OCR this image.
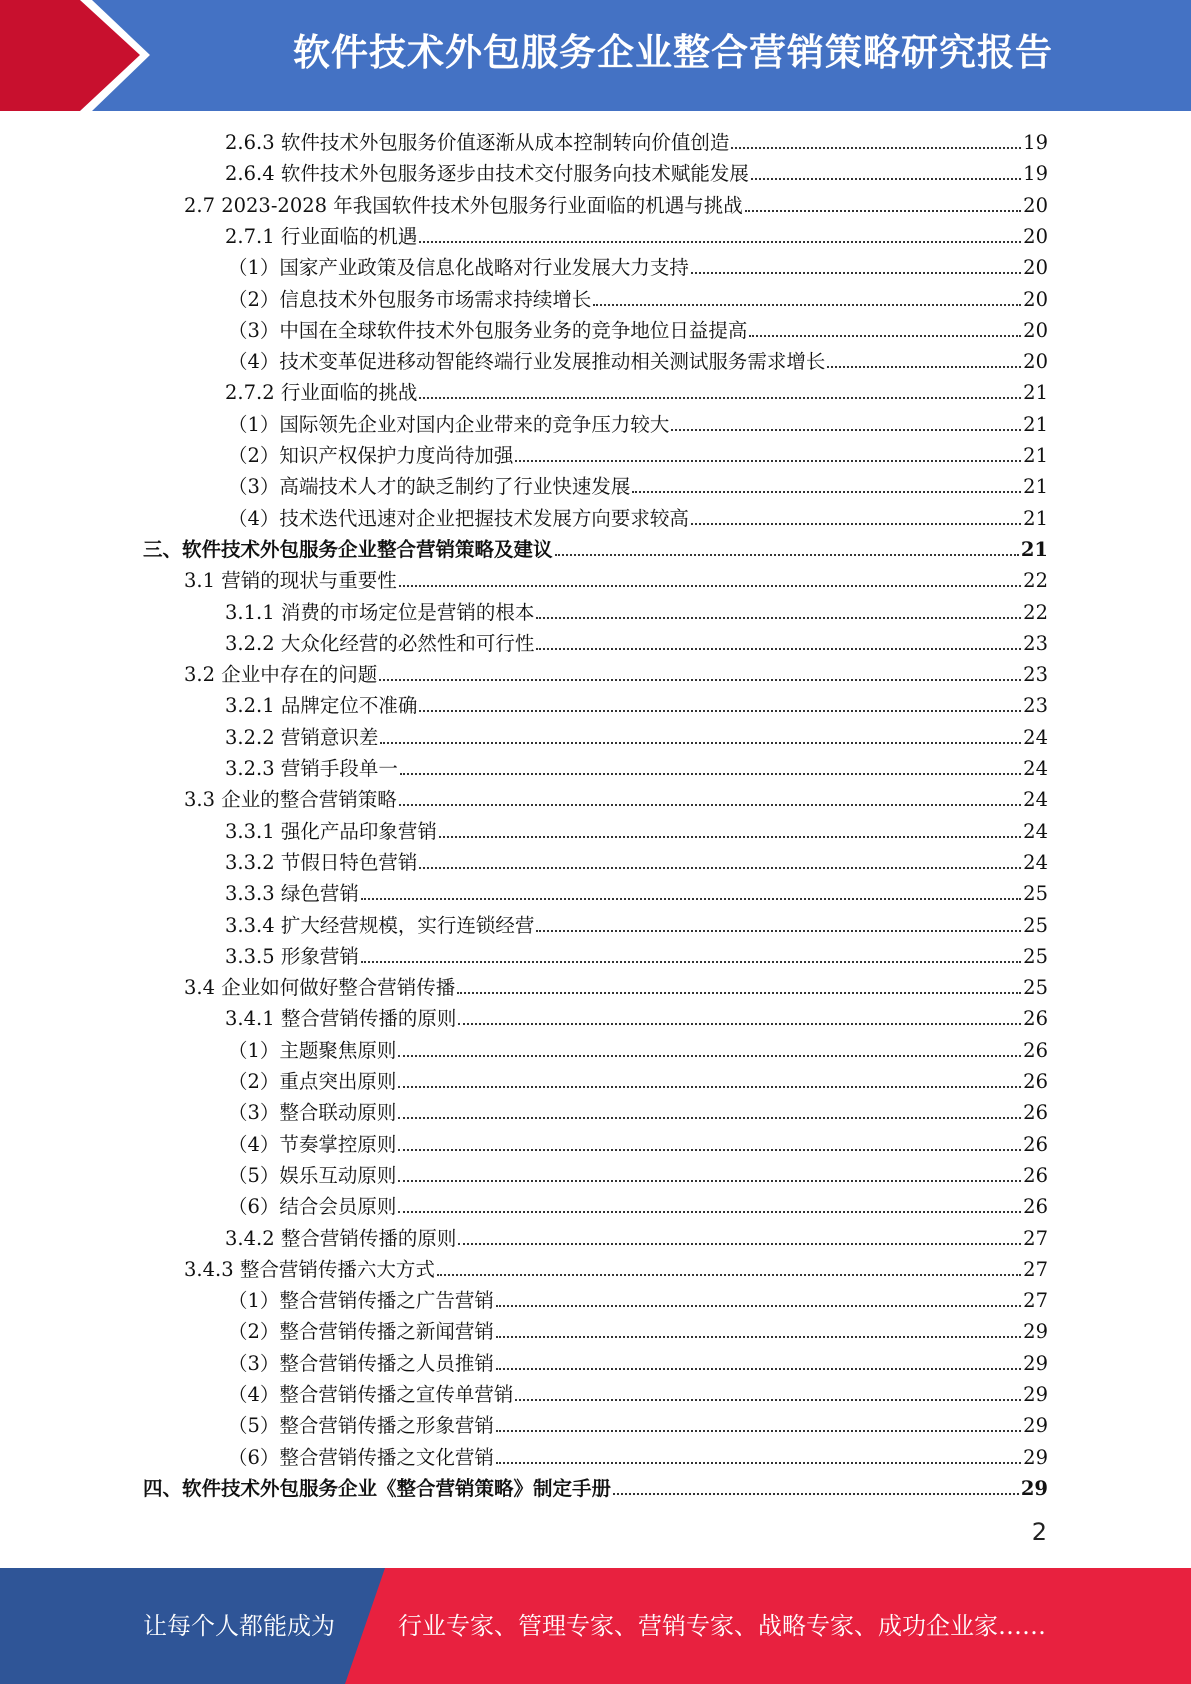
软件技术外包服务企业整合营销策略研究报告
2.6.3 软件技术外包服务价值逐渐从成本控制转向价值创造	19
2.6.4 软件技术外包服务逐步由技术交付服务向技术赋能发展	19
2.7 2023-2028 年我国软件技术外包服务行业面临的机遇与挑战	20
2.7.1 行业面临的机遇	20
（1）国家产业政策及信息化战略对行业发展大力支持	20
（2）信息技术外包服务市场需求持续增长	20
（3）中国在全球软件技术外包服务业务的竞争地位日益提高	20
（4）技术变革促进移动智能终端行业发展推动相关测试服务需求增长	20
2.7.2 行业面临的挑战	21
（1）国际领先企业对国内企业带来的竞争压力较大	21
（2）知识产权保护力度尚待加强	21
（3）高端技术人才的缺乏制约了行业快速发展	21
（4）技术迭代迅速对企业把握技术发展方向要求较高	21
三、软件技术外包服务企业整合营销策略及建议	21
3.1 营销的现状与重要性	22
3.1.1 消费的市场定位是营销的根本	22
3.2.2 大众化经营的必然性和可行性	23
3.2 企业中存在的问题	23
3.2.1 品牌定位不准确	23
3.2.2 营销意识差	24
3.2.3 营销手段单一	24
3.3 企业的整合营销策略	24
3.3.1 强化产品印象营销	24
3.3.2 节假日特色营销	24
3.3.3 绿色营销	25
3.3.4 扩大经营规模，实行连锁经营	25
3.3.5 形象营销	25
3.4 企业如何做好整合营销传播	25
3.4.1 整合营销传播的原则	26
（1）主题聚焦原则	26
（2）重点突出原则	26
（3）整合联动原则	26
（4）节奏掌控原则	26
（5）娱乐互动原则	26
（6）结合会员原则	26
3.4.2 整合营销传播的原则	27
3.4.3 整合营销传播六大方式	27
（1）整合营销传播之广告营销	27
（2）整合营销传播之新闻营销	29
（3）整合营销传播之人员推销	29
（4）整合营销传播之宣传单营销	29
（5）整合营销传播之形象营销	29
（6）整合营销传播之文化营销	29
四、软件技术外包服务企业《整合营销策略》制定手册	29
2
让每个人都能成为	行业专家、管理专家、营销专家、战略专家、成功企业家……
